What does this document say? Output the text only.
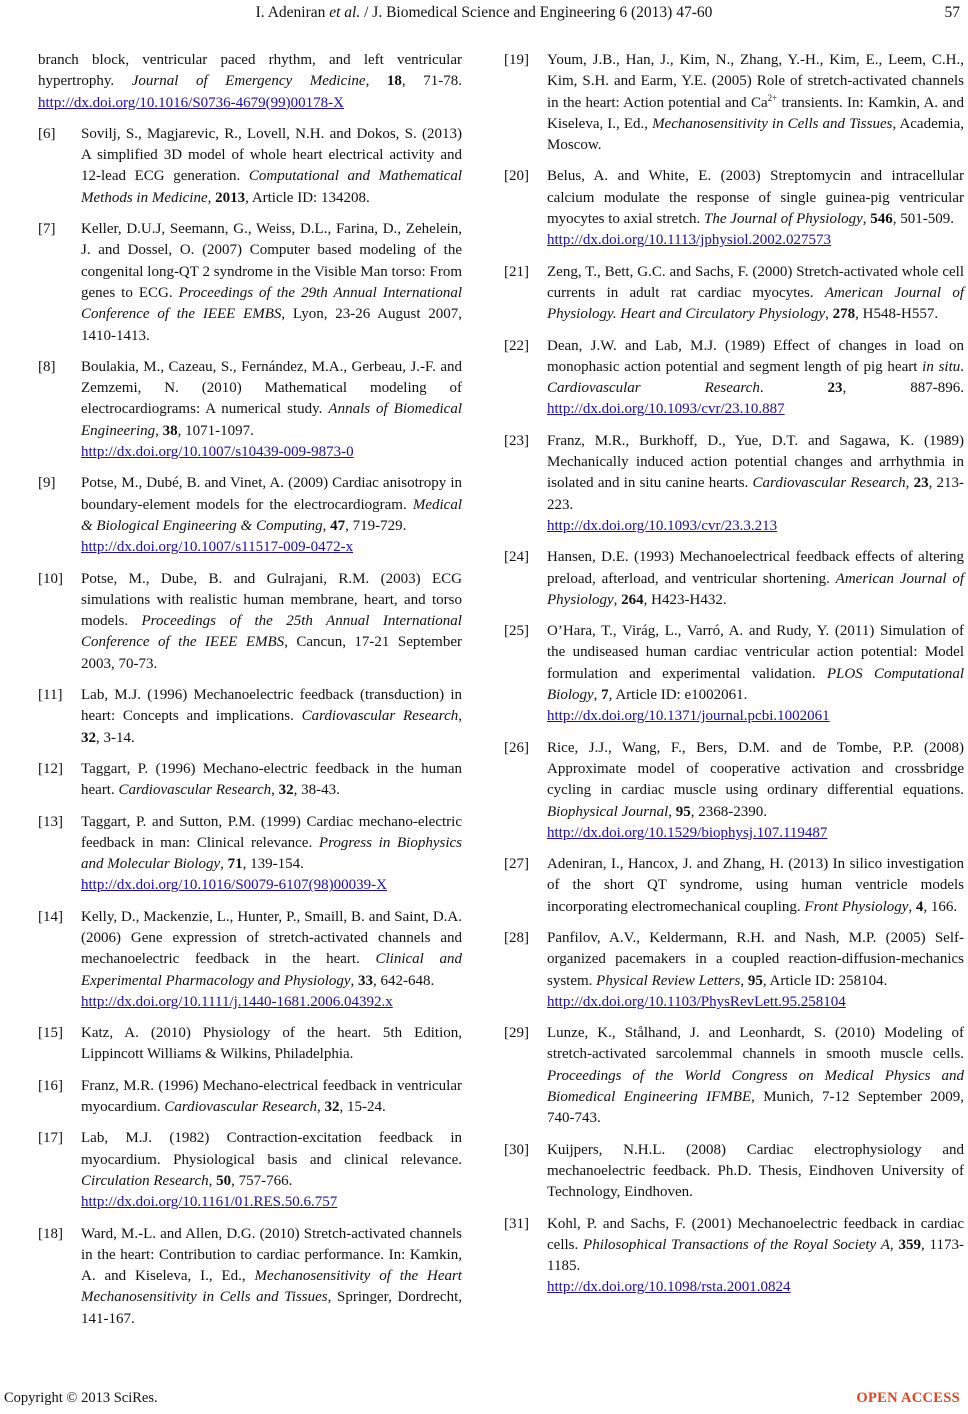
I. Adeniran et al. / J. Biomedical Science and Engineering 6 (2013) 47-60	57
branch block, ventricular paced rhythm, and left ventricular hypertrophy. Journal of Emergency Medicine, 18, 71-78. http://dx.doi.org/10.1016/S0736-4679(99)00178-X
[6] Sovilj, S., Magjarevic, R., Lovell, N.H. and Dokos, S. (2013) A simplified 3D model of whole heart electrical activity and 12-lead ECG generation. Computational and Mathematical Methods in Medicine, 2013, Article ID: 134208.
[7] Keller, D.U.J, Seemann, G., Weiss, D.L., Farina, D., Zehelein, J. and Dossel, O. (2007) Computer based modeling of the congenital long-QT 2 syndrome in the Visible Man torso: From genes to ECG. Proceedings of the 29th Annual International Conference of the IEEE EMBS, Lyon, 23-26 August 2007, 1410-1413.
[8] Boulakia, M., Cazeau, S., Fernández, M.A., Gerbeau, J.-F. and Zemzemi, N. (2010) Mathematical modeling of electrocardiograms: A numerical study. Annals of Biomedical Engineering, 38, 1071-1097.
http://dx.doi.org/10.1007/s10439-009-9873-0
[9] Potse, M., Dubé, B. and Vinet, A. (2009) Cardiac anisotropy in boundary-element models for the electrocardiogram. Medical & Biological Engineering & Computing, 47, 719-729.
http://dx.doi.org/10.1007/s11517-009-0472-x
[10] Potse, M., Dube, B. and Gulrajani, R.M. (2003) ECG simulations with realistic human membrane, heart, and torso models. Proceedings of the 25th Annual International Conference of the IEEE EMBS, Cancun, 17-21 September 2003, 70-73.
[11] Lab, M.J. (1996) Mechanoelectric feedback (transduction) in heart: Concepts and implications. Cardiovascular Research, 32, 3-14.
[12] Taggart, P. (1996) Mechano-electric feedback in the human heart. Cardiovascular Research, 32, 38-43.
[13] Taggart, P. and Sutton, P.M. (1999) Cardiac mechano-electric feedback in man: Clinical relevance. Progress in Biophysics and Molecular Biology, 71, 139-154.
http://dx.doi.org/10.1016/S0079-6107(98)00039-X
[14] Kelly, D., Mackenzie, L., Hunter, P., Smaill, B. and Saint, D.A. (2006) Gene expression of stretch-activated channels and mechanoelectric feedback in the heart. Clinical and Experimental Pharmacology and Physiology, 33, 642-648.
http://dx.doi.org/10.1111/j.1440-1681.2006.04392.x
[15] Katz, A. (2010) Physiology of the heart. 5th Edition, Lippincott Williams & Wilkins, Philadelphia.
[16] Franz, M.R. (1996) Mechano-electrical feedback in ventricular myocardium. Cardiovascular Research, 32, 15-24.
[17] Lab, M.J. (1982) Contraction-excitation feedback in myocardium. Physiological basis and clinical relevance. Circulation Research, 50, 757-766.
http://dx.doi.org/10.1161/01.RES.50.6.757
[18] Ward, M.-L. and Allen, D.G. (2010) Stretch-activated channels in the heart: Contribution to cardiac performance. In: Kamkin, A. and Kiseleva, I., Ed., Mechanosensitivity of the Heart Mechanosensitivity in Cells and Tissues, Springer, Dordrecht, 141-167.
[19] Youm, J.B., Han, J., Kim, N., Zhang, Y.-H., Kim, E., Leem, C.H., Kim, S.H. and Earm, Y.E. (2005) Role of stretch-activated channels in the heart: Action potential and $Ca^{2+}$ transients. In: Kamkin, A. and Kiseleva, I., Ed., Mechanosensitivity in Cells and Tissues, Academia, Moscow.
[20] Belus, A. and White, E. (2003) Streptomycin and intracellular calcium modulate the response of single guinea-pig ventricular myocytes to axial stretch. The Journal of Physiology, 546, 501-509.
http://dx.doi.org/10.1113/jphysiol.2002.027573
[21] Zeng, T., Bett, G.C. and Sachs, F. (2000) Stretch-activated whole cell currents in adult rat cardiac myocytes. American Journal of Physiology. Heart and Circulatory Physiology, 278, H548-H557.
[22] Dean, J.W. and Lab, M.J. (1989) Effect of changes in load on monophasic action potential and segment length of pig heart in situ. Cardiovascular Research. 23, 887-896. http://dx.doi.org/10.1093/cvr/23.10.887
[23] Franz, M.R., Burkhoff, D., Yue, D.T. and Sagawa, K. (1989) Mechanically induced action potential changes and arrhythmia in isolated and in situ canine hearts. Cardiovascular Research, 23, 213-223.
http://dx.doi.org/10.1093/cvr/23.3.213
[24] Hansen, D.E. (1993) Mechanoelectrical feedback effects of altering preload, afterload, and ventricular shortening. American Journal of Physiology, 264, H423-H432.
[25] O’Hara, T., Virág, L., Varró, A. and Rudy, Y. (2011) Simulation of the undiseased human cardiac ventricular action potential: Model formulation and experimental validation. PLOS Computational Biology, 7, Article ID: e1002061.
http://dx.doi.org/10.1371/journal.pcbi.1002061
[26] Rice, J.J., Wang, F., Bers, D.M. and de Tombe, P.P. (2008) Approximate model of cooperative activation and crossbridge cycling in cardiac muscle using ordinary differential equations. Biophysical Journal, 95, 2368-2390.
http://dx.doi.org/10.1529/biophysj.107.119487
[27] Adeniran, I., Hancox, J. and Zhang, H. (2013) In silico investigation of the short QT syndrome, using human ventricle models incorporating electromechanical coupling. Front Physiology, 4, 166.
[28] Panfilov, A.V., Keldermann, R.H. and Nash, M.P. (2005) Self-organized pacemakers in a coupled reaction-diffusion-mechanics system. Physical Review Letters, 95, Article ID: 258104.
http://dx.doi.org/10.1103/PhysRevLett.95.258104
[29] Lunze, K., Stålhand, J. and Leonhardt, S. (2010) Modeling of stretch-activated sarcolemmal channels in smooth muscle cells. Proceedings of the World Congress on Medical Physics and Biomedical Engineering IFMBE, Munich, 7-12 September 2009, 740-743.
[30] Kuijpers, N.H.L. (2008) Cardiac electrophysiology and mechanoelectric feedback. Ph.D. Thesis, Eindhoven University of Technology, Eindhoven.
[31] Kohl, P. and Sachs, F. (2001) Mechanoelectric feedback in cardiac cells. Philosophical Transactions of the Royal Society A, 359, 1173-1185.
http://dx.doi.org/10.1098/rsta.2001.0824
Copyright © 2013 SciRes.	OPEN ACCESS
